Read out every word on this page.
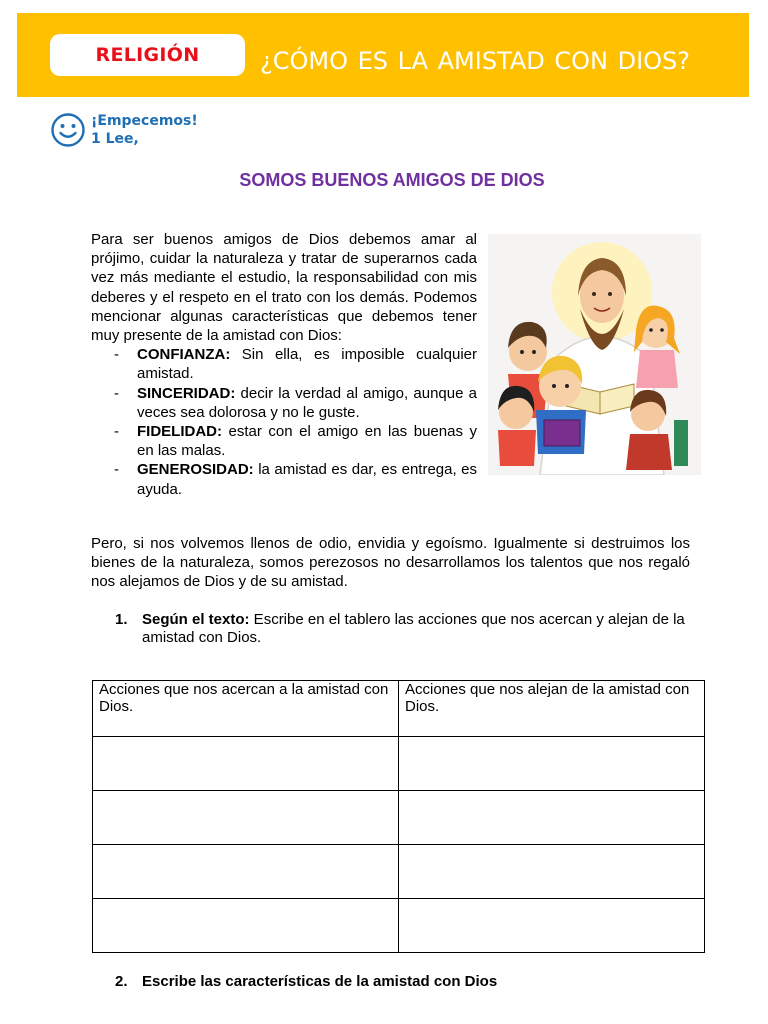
RELIGIÓN	¿CÓMO ES LA AMISTAD CON DIOS?
¡Empecemos!
1 Lee,
SOMOS BUENOS AMIGOS DE DIOS

Para ser buenos amigos de Dios debemos amar al prójimo, cuidar la naturaleza y tratar de superarnos cada vez más mediante el estudio, la responsabilidad con mis deberes y el respeto en el trato con los demás. Podemos mencionar algunas características que debemos tener muy presente de la amistad con Dios:

- CONFIANZA: Sin ella, es imposible cualquier amistad.
- SINCERIDAD: decir la verdad al amigo, aunque a veces sea dolorosa y no le guste.
- FIDELIDAD: estar con el amigo en las buenas y en las malas.
- GENEROSIDAD: la amistad es dar, es entrega, es ayuda.

Pero, si nos volvemos llenos de odio, envidia y egoísmo. Igualmente si destruimos los bienes de la naturaleza, somos perezosos no desarrollamos los talentos que nos regaló nos alejamos de Dios y de su amistad.

1. Según el texto: Escribe en el tablero las acciones que nos acercan y alejan de la amistad con Dios.
Acciones que nos acercan a la amistad con Dios.	Acciones que nos alejan de la amistad con Dios.

2. Escribe las características de la amistad con Dios
